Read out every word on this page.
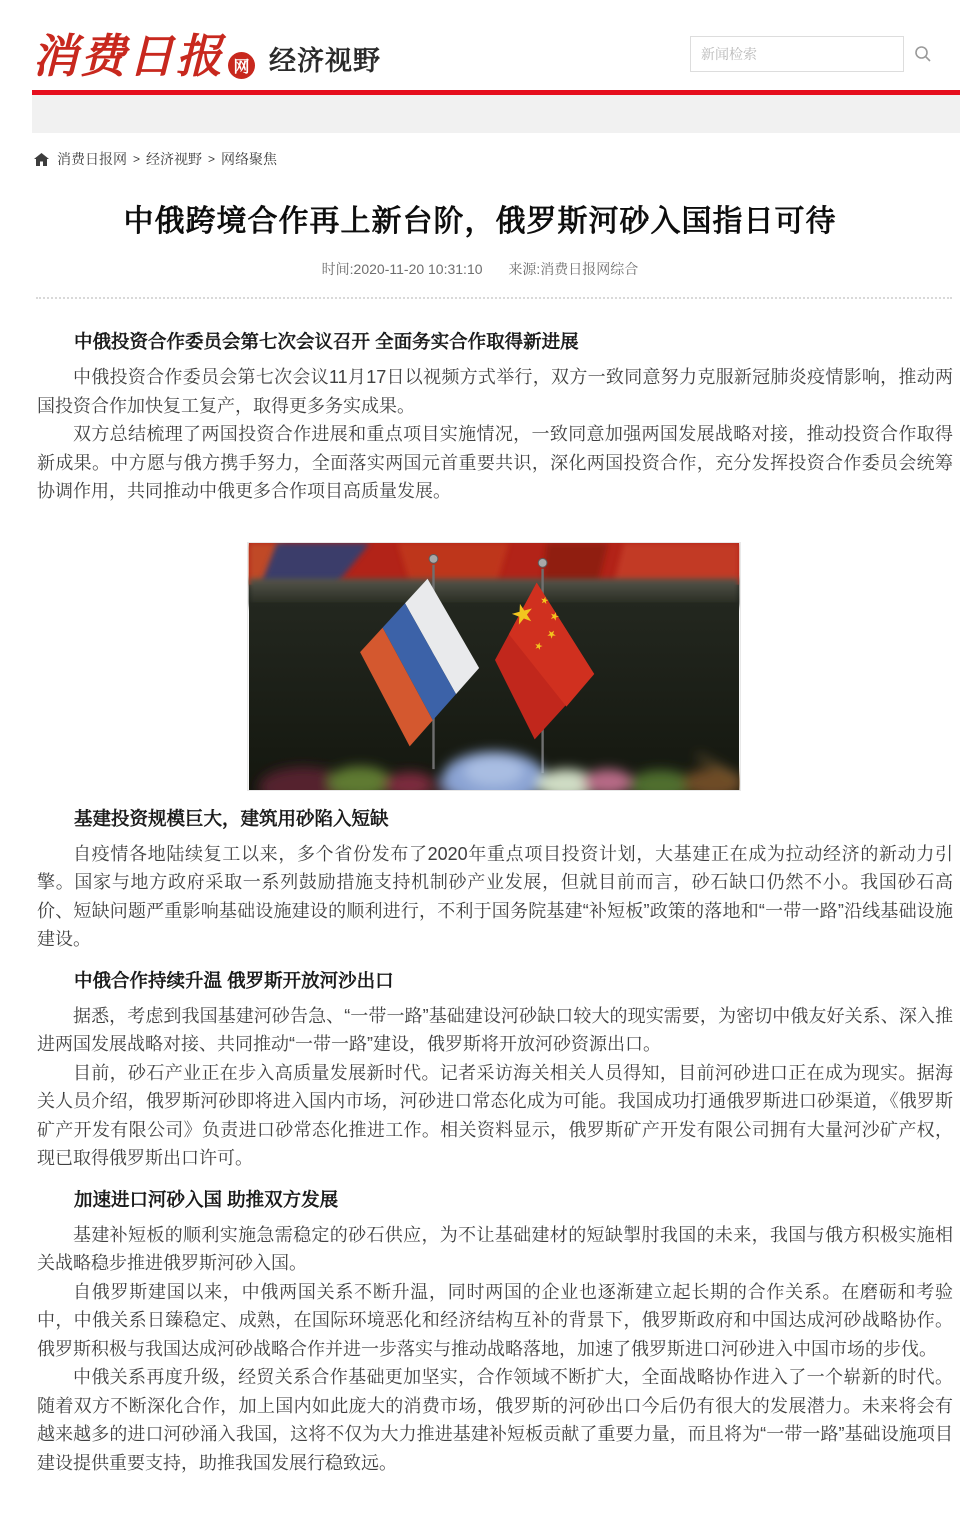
消费日报 网 经济视野
新闻检索
消费日报网 > 经济视野 > 网络聚焦
中俄跨境合作再上新台阶，俄罗斯河砂入国指日可待
时间:2020-11-20 10:31:10 来源:消费日报网综合
中俄投资合作委员会第七次会议召开 全面务实合作取得新进展

中俄投资合作委员会第七次会议11月17日以视频方式举行，双方一致同意努力克服新冠肺炎疫情影响，推动两国投资合作加快复工复产，取得更多务实成果。

双方总结梳理了两国投资合作进展和重点项目实施情况，一致同意加强两国发展战略对接，推动投资合作取得新成果。中方愿与俄方携手努力，全面落实两国元首重要共识，深化两国投资合作，充分发挥投资合作委员会统筹协调作用，共同推动中俄更多合作项目高质量发展。

基建投资规模巨大，建筑用砂陷入短缺

自疫情各地陆续复工以来，多个省份发布了2020年重点项目投资计划，大基建正在成为拉动经济的新动力引擎。国家与地方政府采取一系列鼓励措施支持机制砂产业发展，但就目前而言，砂石缺口仍然不小。我国砂石高价、短缺问题严重影响基础设施建设的顺利进行，不利于国务院基建“补短板”政策的落地和“一带一路”沿线基础设施建设。

中俄合作持续升温 俄罗斯开放河沙出口

据悉，考虑到我国基建河砂告急、“一带一路”基础建设河砂缺口较大的现实需要，为密切中俄友好关系、深入推进两国发展战略对接、共同推动“一带一路”建设，俄罗斯将开放河砂资源出口。

目前，砂石产业正在步入高质量发展新时代。记者采访海关相关人员得知，目前河砂进口正在成为现实。据海关人员介绍，俄罗斯河砂即将进入国内市场，河砂进口常态化成为可能。我国成功打通俄罗斯进口砂渠道，《俄罗斯矿产开发有限公司》负责进口砂常态化推进工作。相关资料显示，俄罗斯矿产开发有限公司拥有大量河沙矿产权，现已取得俄罗斯出口许可。

加速进口河砂入国 助推双方发展

基建补短板的顺利实施急需稳定的砂石供应，为不让基础建材的短缺掣肘我国的未来，我国与俄方积极实施相关战略稳步推进俄罗斯河砂入国。

自俄罗斯建国以来，中俄两国关系不断升温，同时两国的企业也逐渐建立起长期的合作关系。在磨砺和考验中，中俄关系日臻稳定、成熟，在国际环境恶化和经济结构互补的背景下，俄罗斯政府和中国达成河砂战略协作。俄罗斯积极与我国达成河砂战略合作并进一步落实与推动战略落地，加速了俄罗斯进口河砂进入中国市场的步伐。

中俄关系再度升级，经贸关系合作基础更加坚实，合作领域不断扩大，全面战略协作进入了一个崭新的时代。随着双方不断深化合作，加上国内如此庞大的消费市场，俄罗斯的河砂出口今后仍有很大的发展潜力。未来将会有越来越多的进口河砂涌入我国，这将不仅为大力推进基建补短板贡献了重要力量，而且将为“一带一路”基础设施项目建设提供重要支持，助推我国发展行稳致远。
